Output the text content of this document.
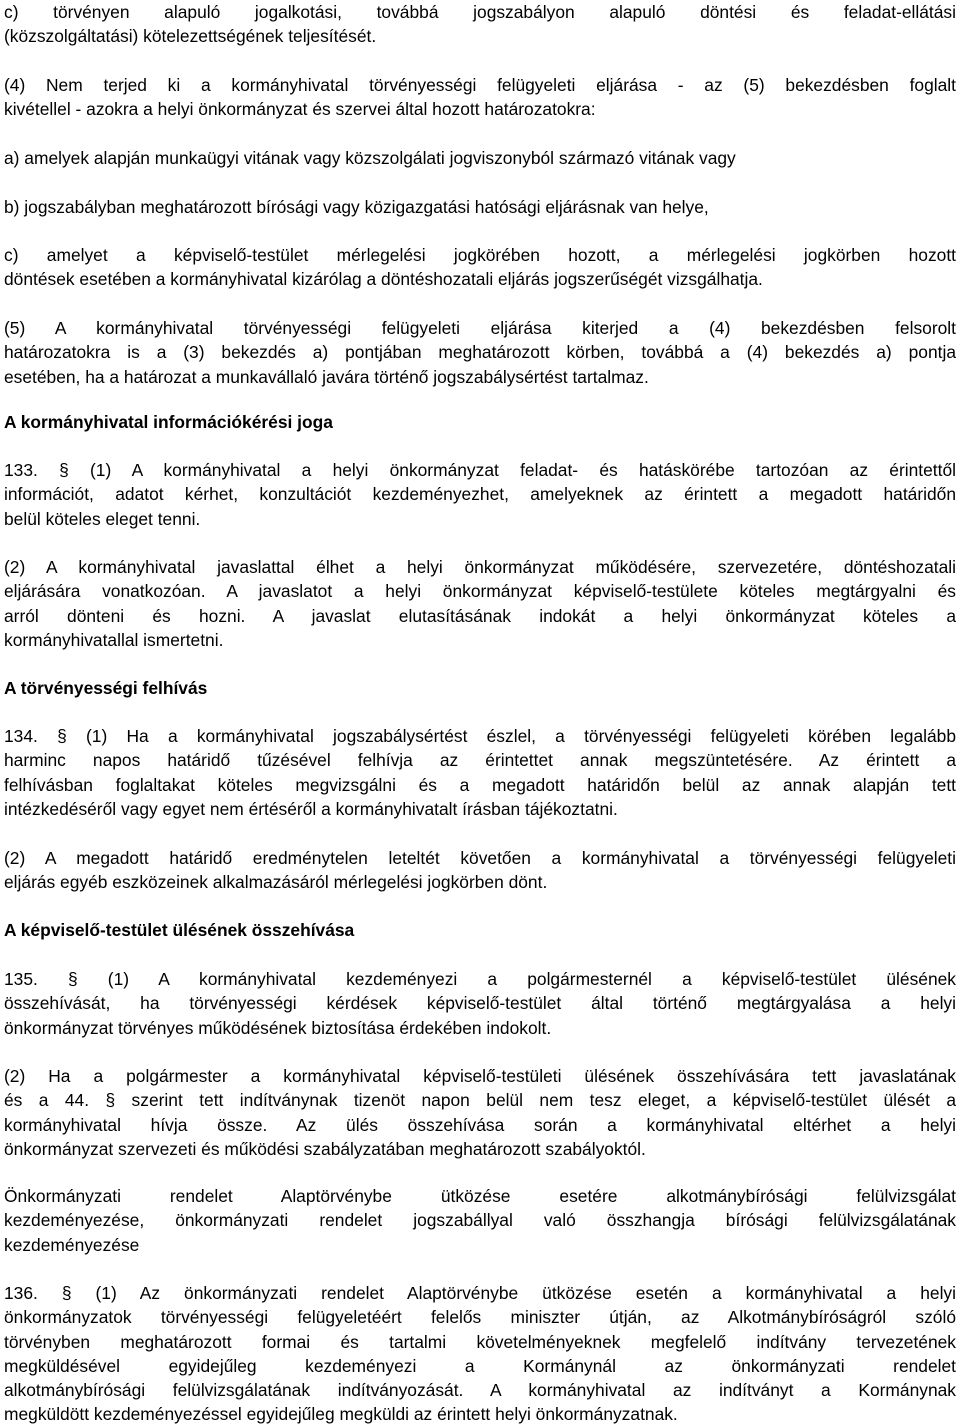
c) törvényen alapuló jogalkotási, továbbá jogszabályon alapuló döntési és feladat-ellátási
(közszolgáltatási) kötelezettségének teljesítését.
(4) Nem terjed ki a kormányhivatal törvényességi felügyeleti eljárása - az (5) bekezdésben foglalt
kivétellel - azokra a helyi önkormányzat és szervei által hozott határozatokra:
a) amelyek alapján munkaügyi vitának vagy közszolgálati jogviszonyból származó vitának vagy
b) jogszabályban meghatározott bírósági vagy közigazgatási hatósági eljárásnak van helye,
c) amelyet a képviselő-testület mérlegelési jogkörében hozott, a mérlegelési jogkörben hozott
döntések esetében a kormányhivatal kizárólag a döntéshozatali eljárás jogszerűségét vizsgálhatja.
(5) A kormányhivatal törvényességi felügyeleti eljárása kiterjed a (4) bekezdésben felsorolt
határozatokra is a (3) bekezdés a) pontjában meghatározott körben, továbbá a (4) bekezdés a) pontja
esetében, ha a határozat a munkavállaló javára történő jogszabálysértést tartalmaz.
A kormányhivatal információkérési joga
133. § (1) A kormányhivatal a helyi önkormányzat feladat- és hatáskörébe tartozóan az érintettől
információt, adatot kérhet, konzultációt kezdeményezhet, amelyeknek az érintett a megadott határidőn
belül köteles eleget tenni.
(2) A kormányhivatal javaslattal élhet a helyi önkormányzat működésére, szervezetére, döntéshozatali
eljárására vonatkozóan. A javaslatot a helyi önkormányzat képviselő-testülete köteles megtárgyalni és
arról dönteni és hozni. A javaslat elutasításának indokát a helyi önkormányzat köteles a
kormányhivatallal ismertetni.
A törvényességi felhívás
134. § (1) Ha a kormányhivatal jogszabálysértést észlel, a törvényességi felügyeleti körében legalább
harminc napos határidő tűzésével felhívja az érintettet annak megszüntetésére. Az érintett a
felhívásban foglaltakat köteles megvizsgálni és a megadott határidőn belül az annak alapján tett
intézkedéséről vagy egyet nem értéséről a kormányhivatalt írásban tájékoztatni.
(2) A megadott határidő eredménytelen leteltét követően a kormányhivatal a törvényességi felügyeleti
eljárás egyéb eszközeinek alkalmazásáról mérlegelési jogkörben dönt.
A képviselő-testület ülésének összehívása
135. § (1) A kormányhivatal kezdeményezi a polgármesternél a képviselő-testület ülésének
összehívását, ha törvényességi kérdések képviselő-testület által történő megtárgyalása a helyi
önkormányzat törvényes működésének biztosítása érdekében indokolt.
(2) Ha a polgármester a kormányhivatal képviselő-testületi ülésének összehívására tett javaslatának
és a 44. § szerint tett indítványnak tizenöt napon belül nem tesz eleget, a képviselő-testület ülését a
kormányhivatal hívja össze. Az ülés összehívása során a kormányhivatal eltérhet a helyi
önkormányzat szervezeti és működési szabályzatában meghatározott szabályoktól.
Önkormányzati rendelet Alaptörvénybe ütközése esetére alkotmánybírósági felülvizsgálat
kezdeményezése, önkormányzati rendelet jogszabállyal való összhangja bírósági felülvizsgálatának
kezdeményezése
136. § (1) Az önkormányzati rendelet Alaptörvénybe ütközése esetén a kormányhivatal a helyi
önkormányzatok törvényességi felügyeletéért felelős miniszter útján, az Alkotmánybíróságról szóló
törvényben meghatározott formai és tartalmi követelményeknek megfelelő indítvány tervezetének
megküldésével egyidejűleg kezdeményezi a Kormánynál az önkormányzati rendelet
alkotmánybírósági felülvizsgálatának indítványozását. A kormányhivatal az indítványt a Kormánynak
megküldött kezdeményezéssel egyidejűleg megküldi az érintett helyi önkormányzatnak.
